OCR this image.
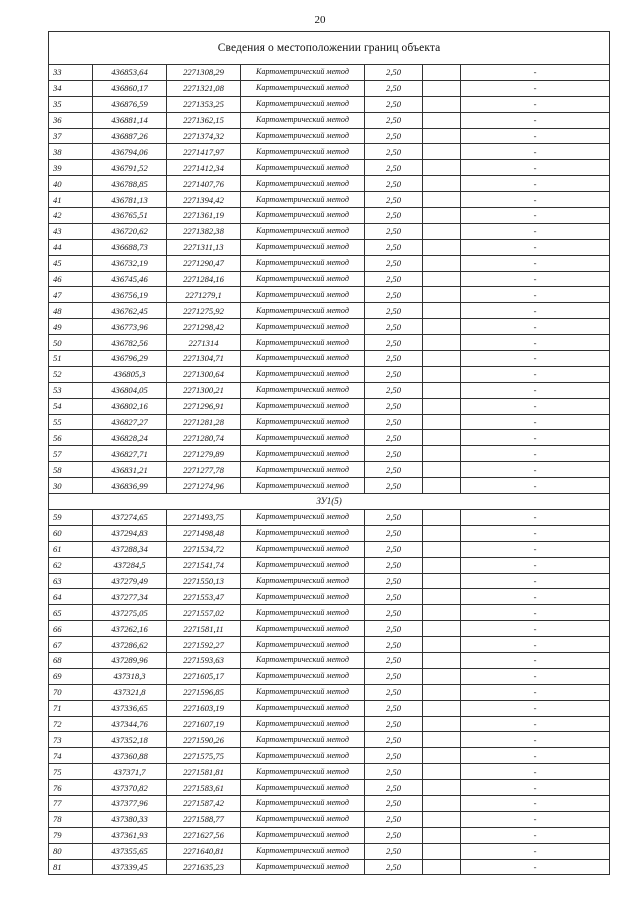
20
Сведения о местоположении границ объекта						
33	436853,64	2271308,29	Картометрический метод	2,50		-
34	436860,17	2271321,08	Картометрический метод	2,50		-
35	436876,59	2271353,25	Картометрический метод	2,50		-
36	436881,14	2271362,15	Картометрический метод	2,50		-
37	436887,26	2271374,32	Картометрический метод	2,50		-
38	436794,06	2271417,97	Картометрический метод	2,50		-
39	436791,52	2271412,34	Картометрический метод	2,50		-
40	436788,85	2271407,76	Картометрический метод	2,50		-
41	436781,13	2271394,42	Картометрический метод	2,50		-
42	436765,51	2271361,19	Картометрический метод	2,50		-
43	436720,62	2271382,38	Картометрический метод	2,50		-
44	436688,73	2271311,13	Картометрический метод	2,50		-
45	436732,19	2271290,47	Картометрический метод	2,50		-
46	436745,46	2271284,16	Картометрический метод	2,50		-
47	436756,19	2271279,1	Картометрический метод	2,50		-
48	436762,45	2271275,92	Картометрический метод	2,50		-
49	436773,96	2271298,42	Картометрический метод	2,50		-
50	436782,56	2271314	Картометрический метод	2,50		-
51	436796,29	2271304,71	Картометрический метод	2,50		-
52	436805,3	2271300,64	Картометрический метод	2,50		-
53	436804,05	2271300,21	Картометрический метод	2,50		-
54	436802,16	2271296,91	Картометрический метод	2,50		-
55	436827,27	2271281,28	Картометрический метод	2,50		-
56	436828,24	2271280,74	Картометрический метод	2,50		-
57	436827,71	2271279,89	Картометрический метод	2,50		-
58	436831,21	2271277,78	Картометрический метод	2,50		-
30	436836,99	2271274,96	Картометрический метод	2,50		-
ЗУ1(5)						
59	437274,65	2271493,75	Картометрический метод	2,50		-
60	437294,83	2271498,48	Картометрический метод	2,50		-
61	437288,34	2271534,72	Картометрический метод	2,50		-
62	437284,5	2271541,74	Картометрический метод	2,50		-
63	437279,49	2271550,13	Картометрический метод	2,50		-
64	437277,34	2271553,47	Картометрический метод	2,50		-
65	437275,05	2271557,02	Картометрический метод	2,50		-
66	437262,16	2271581,11	Картометрический метод	2,50		-
67	437286,62	2271592,27	Картометрический метод	2,50		-
68	437289,96	2271593,63	Картометрический метод	2,50		-
69	437318,3	2271605,17	Картометрический метод	2,50		-
70	437321,8	2271596,85	Картометрический метод	2,50		-
71	437336,65	2271603,19	Картометрический метод	2,50		-
72	437344,76	2271607,19	Картометрический метод	2,50		-
73	437352,18	2271590,26	Картометрический метод	2,50		-
74	437360,88	2271575,75	Картометрический метод	2,50		-
75	437371,7	2271581,81	Картометрический метод	2,50		-
76	437370,82	2271583,61	Картометрический метод	2,50		-
77	437377,96	2271587,42	Картометрический метод	2,50		-
78	437380,33	2271588,77	Картометрический метод	2,50		-
79	437361,93	2271627,56	Картометрический метод	2,50		-
80	437355,65	2271640,81	Картометрический метод	2,50		-
81	437339,45	2271635,23	Картометрический метод	2,50		-
